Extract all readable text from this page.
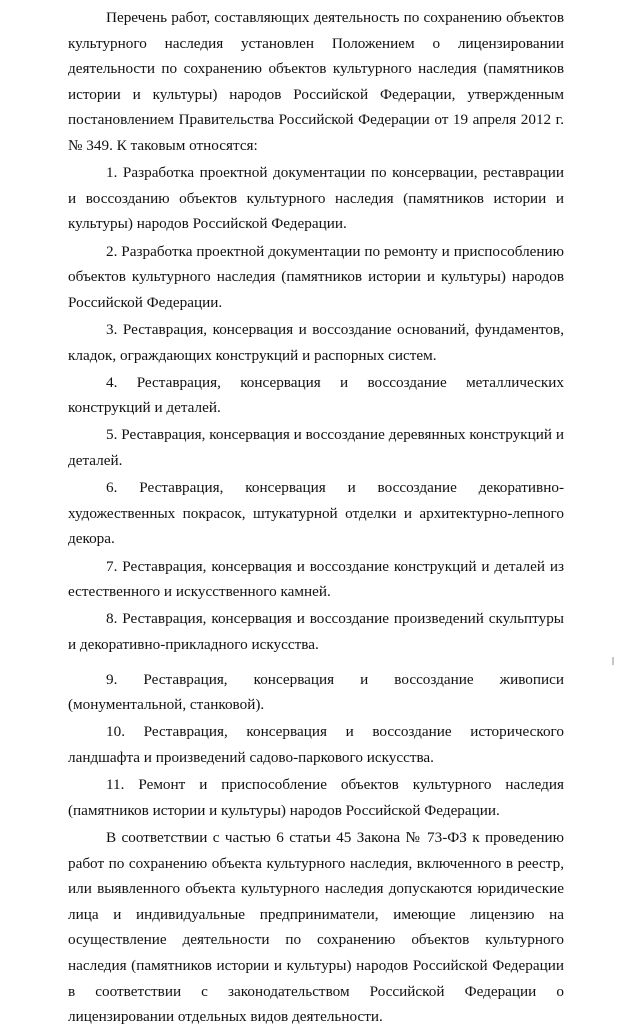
Перечень работ, составляющих деятельность по сохранению объектов культурного наследия установлен Положением о лицензировании деятельности по сохранению объектов культурного наследия (памятников истории и культуры) народов Российской Федерации, утвержденным постановлением Правительства Российской Федерации от 19 апреля 2012 г. № 349. К таковым относятся:

1. Разработка проектной документации по консервации, реставрации и воссозданию объектов культурного наследия (памятников истории и культуры) народов Российской Федерации.

2. Разработка проектной документации по ремонту и приспособлению объектов культурного наследия (памятников истории и культуры) народов Российской Федерации.

3. Реставрация, консервация и воссоздание оснований, фундаментов, кладок, ограждающих конструкций и распорных систем.

4. Реставрация, консервация и воссоздание металлических конструкций и деталей.

5. Реставрация, консервация и воссоздание деревянных конструкций и деталей.

6. Реставрация, консервация и воссоздание декоративно-художественных покрасок, штукатурной отделки и архитектурно-лепного декора.

7. Реставрация, консервация и воссоздание конструкций и деталей из естественного и искусственного камней.

8. Реставрация, консервация и воссоздание произведений скульптуры и декоративно-прикладного искусства.

9. Реставрация, консервация и воссоздание живописи (монументальной, станковой).

10. Реставрация, консервация и воссоздание исторического ландшафта и произведений садово-паркового искусства.

11. Ремонт и приспособление объектов культурного наследия (памятников истории и культуры) народов Российской Федерации.

В соответствии с частью 6 статьи 45 Закона № 73-ФЗ к проведению работ по сохранению объекта культурного наследия, включенного в реестр, или выявленного объекта культурного наследия допускаются юридические лица и индивидуальные предприниматели, имеющие лицензию на осуществление деятельности по сохранению объектов культурного наследия (памятников истории и культуры) народов Российской Федерации в соответствии с законодательством Российской Федерации о лицензировании отдельных видов деятельности.
